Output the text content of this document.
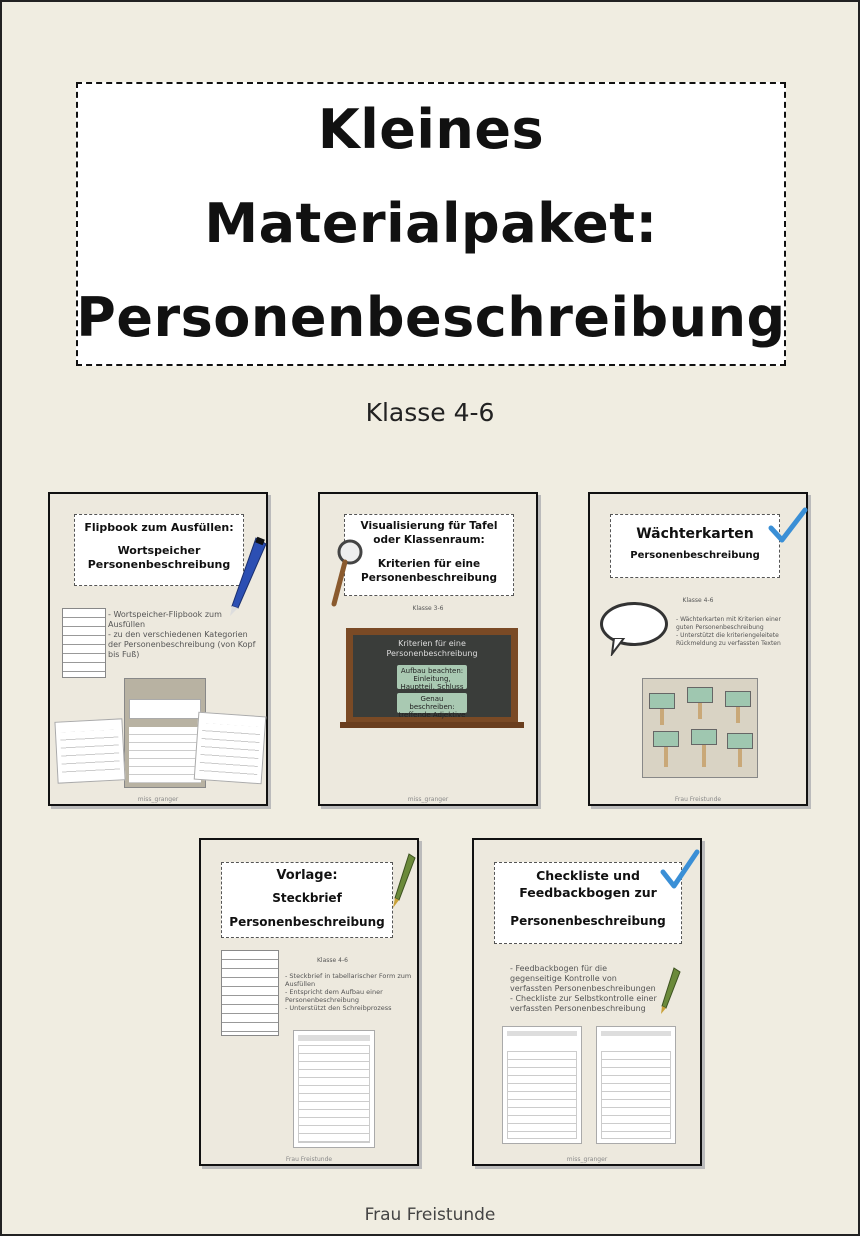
Kleines
Materialpaket:
Personenbeschreibung
Klasse 4-6
Flipbook zum Ausfüllen:
Wortspeicher
Personenbeschreibung
- Wortspeicher-Flipbook zum Ausfüllen
- zu den verschiedenen Kategorien der Personenbeschreibung (von Kopf bis Fuß)
miss_granger
Visualisierung für Tafel
oder Klassenraum:
Kriterien für eine
Personenbeschreibung
Klasse 3-6
Kriterien für eine Personenbeschreibung
Aufbau beachten: Einleitung, Hauptteil, Schluss
Genau beschreiben: treffende Adjektive
miss_granger
Wächterkarten
Personenbeschreibung
Klasse 4-6
- Wächterkarten mit Kriterien einer guten Personenbeschreibung
- Unterstützt die kriteriengeleitete Rückmeldung zu verfassten Texten
Frau Freistunde
Vorlage:
Steckbrief
Personenbeschreibung
Klasse 4-6
- Steckbrief in tabellarischer Form zum Ausfüllen
- Entspricht dem Aufbau einer Personenbeschreibung
- Unterstützt den Schreibprozess
Frau Freistunde
Checkliste und
Feedbackbogen zur
Personenbeschreibung
- Feedbackbogen für die gegenseitige Kontrolle von verfassten Personenbeschreibungen
- Checkliste zur Selbstkontrolle einer verfassten Personenbeschreibung
miss_granger
Frau Freistunde
